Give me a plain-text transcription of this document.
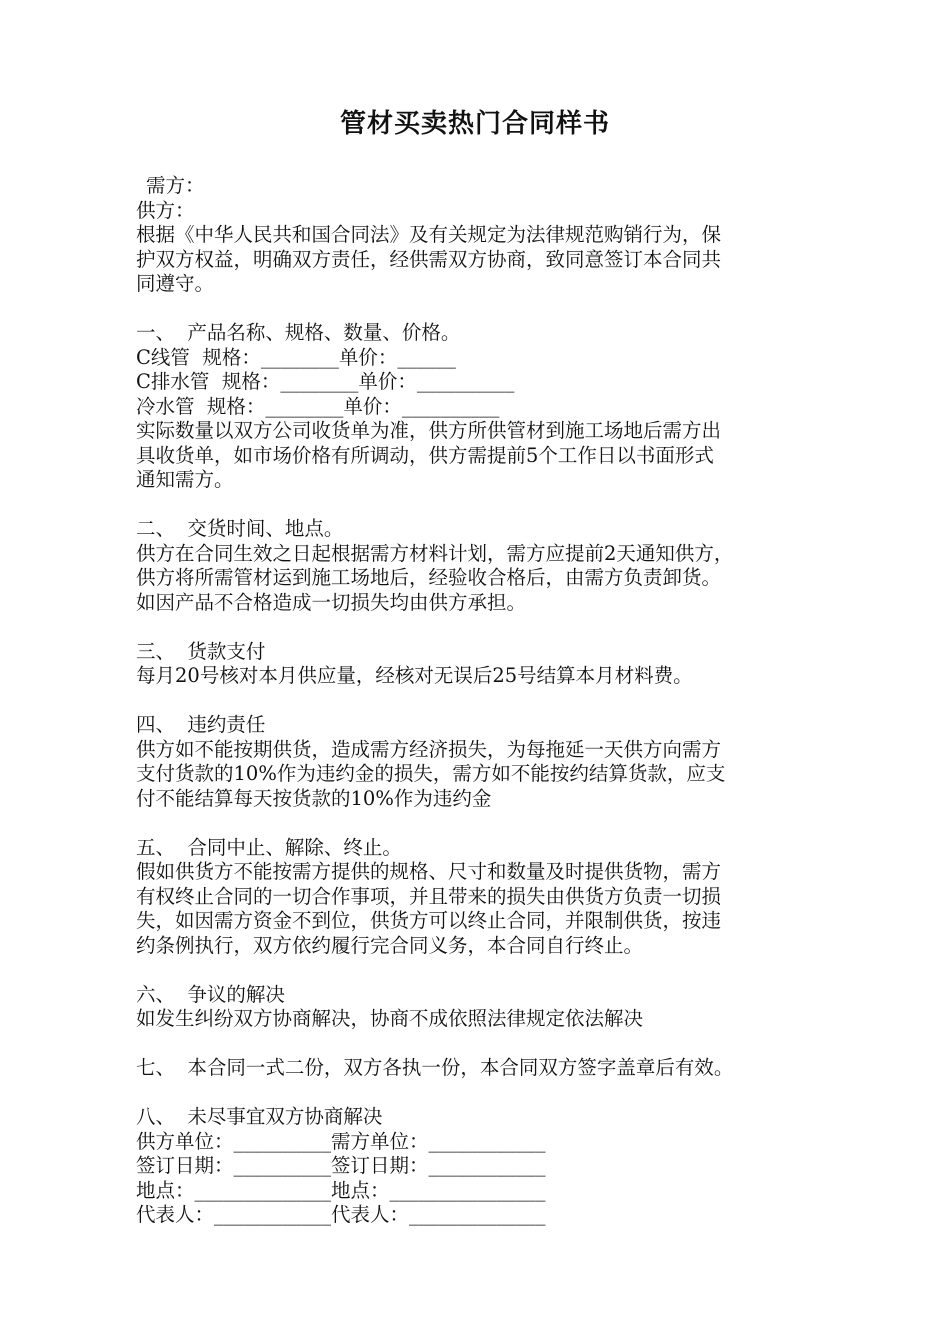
管材买卖热门合同样书
需方：
供方：
根据《中华人民共和国合同法》及有关规定为法律规范购销行为，保
护双方权益，明确双方责任，经供需双方协商，致同意签订本合同共
同遵守。
一、  产品名称、规格、数量、价格。
C线管  规格：________单价：______
C排水管  规格：________单价：__________
冷水管  规格：________单价：__________
实际数量以双方公司收货单为准，供方所供管材到施工场地后需方出
具收货单，如市场价格有所调动，供方需提前5个工作日以书面形式
通知需方。
二、  交货时间、地点。
供方在合同生效之日起根据需方材料计划，需方应提前2天通知供方，
供方将所需管材运到施工场地后，经验收合格后，由需方负责卸货。
如因产品不合格造成一切损失均由供方承担。
三、  货款支付
每月20号核对本月供应量，经核对无误后25号结算本月材料费。
四、  违约责任
供方如不能按期供货，造成需方经济损失，为每拖延一天供方向需方
支付货款的10%作为违约金的损失，需方如不能按约结算货款，应支
付不能结算每天按货款的10%作为违约金
五、  合同中止、解除、终止。
假如供货方不能按需方提供的规格、尺寸和数量及时提供货物，需方
有权终止合同的一切合作事项，并且带来的损失由供货方负责一切损
失，如因需方资金不到位，供货方可以终止合同，并限制供货，按违
约条例执行，双方依约履行完合同义务，本合同自行终止。
六、  争议的解决
如发生纠纷双方协商解决，协商不成依照法律规定依法解决
七、  本合同一式二份，双方各执一份，本合同双方签字盖章后有效。
八、  未尽事宜双方协商解决
供方单位：__________需方单位：____________
签订日期：__________签订日期：____________
地点：______________地点：________________
代表人：____________代表人：______________
